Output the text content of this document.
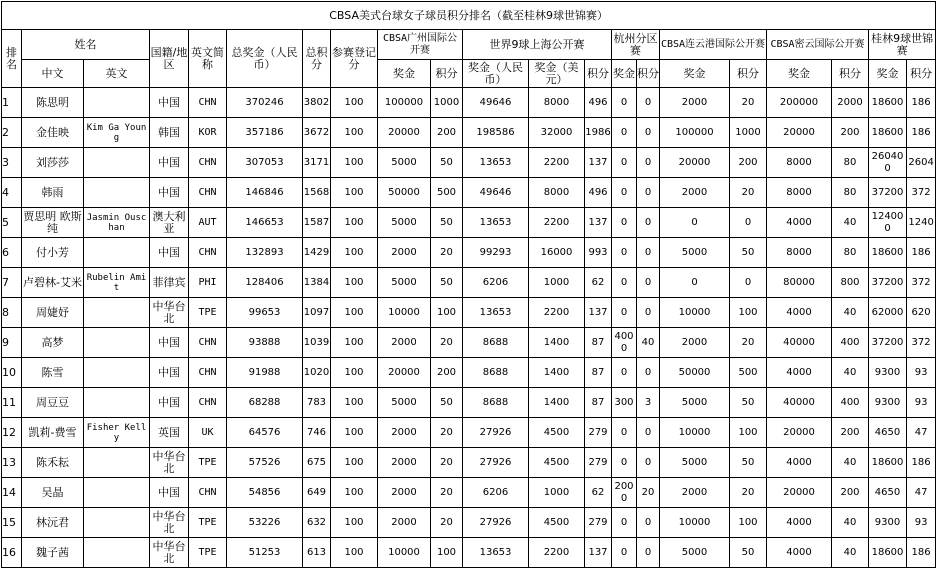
CBSA美式台球女子球员积分排名（截至桂林9球世锦赛）																				
排名	姓名		国籍/地区	英文简称	总奖金（人民币）	总积分	参赛登记分	CBSA广州国际公开赛		世界9球上海公开赛			杭州分区赛		CBSA连云港国际公开赛		CBSA密云国际公开赛		桂林9球世锦赛	
	中文	英文						奖金	积分	奖金（人民币）	奖金（美元）	积分	奖金	积分	奖金	积分	奖金	积分	奖金	积分
1	陈思明		中国	CHN	370246	3802	100	100000	1000	49646	8000	496	0	0	2000	20	200000	2000	18600	186
2	金佳映	Kim Ga Young	韩国	KOR	357186	3672	100	20000	200	198586	32000	1986	0	0	100000	1000	20000	200	18600	186
3	刘莎莎		中国	CHN	307053	3171	100	5000	50	13653	2200	137	0	0	20000	200	8000	80	260400	2604
4	韩雨		中国	CHN	146846	1568	100	50000	500	49646	8000	496	0	0	2000	20	8000	80	37200	372
5	贾思明 欧斯纯	Jasmin Ouschan	澳大利亚	AUT	146653	1587	100	5000	50	13653	2200	137	0	0	0	0	4000	40	124000	1240
6	付小芳		中国	CHN	132893	1429	100	2000	20	99293	16000	993	0	0	5000	50	8000	80	18600	186
7	卢碧林-艾米	Rubelin Amit	菲律宾	PHI	128406	1384	100	5000	50	6206	1000	62	0	0	0	0	80000	800	37200	372
8	周婕妤		中华台北	TPE	99653	1097	100	10000	100	13653	2200	137	0	0	10000	100	4000	40	62000	620
9	高梦		中国	CHN	93888	1039	100	2000	20	8688	1400	87	4000	40	2000	20	40000	400	37200	372
10	陈雪		中国	CHN	91988	1020	100	20000	200	8688	1400	87	0	0	50000	500	4000	40	9300	93
11	周豆豆		中国	CHN	68288	783	100	5000	50	8688	1400	87	300	3	5000	50	40000	400	9300	93
12	凯莉-费雪	Fisher Kelly	英国	UK	64576	746	100	2000	20	27926	4500	279	0	0	10000	100	20000	200	4650	47
13	陈禾耘		中华台北	TPE	57526	675	100	2000	20	27926	4500	279	0	0	5000	50	4000	40	18600	186
14	吴晶		中国	CHN	54856	649	100	2000	20	6206	1000	62	2000	20	2000	20	20000	200	4650	47
15	林沅君		中华台北	TPE	53226	632	100	2000	20	27926	4500	279	0	0	10000	100	4000	40	9300	93
16	魏子茜		中华台北	TPE	51253	613	100	10000	100	13653	2200	137	0	0	5000	50	4000	40	18600	186
